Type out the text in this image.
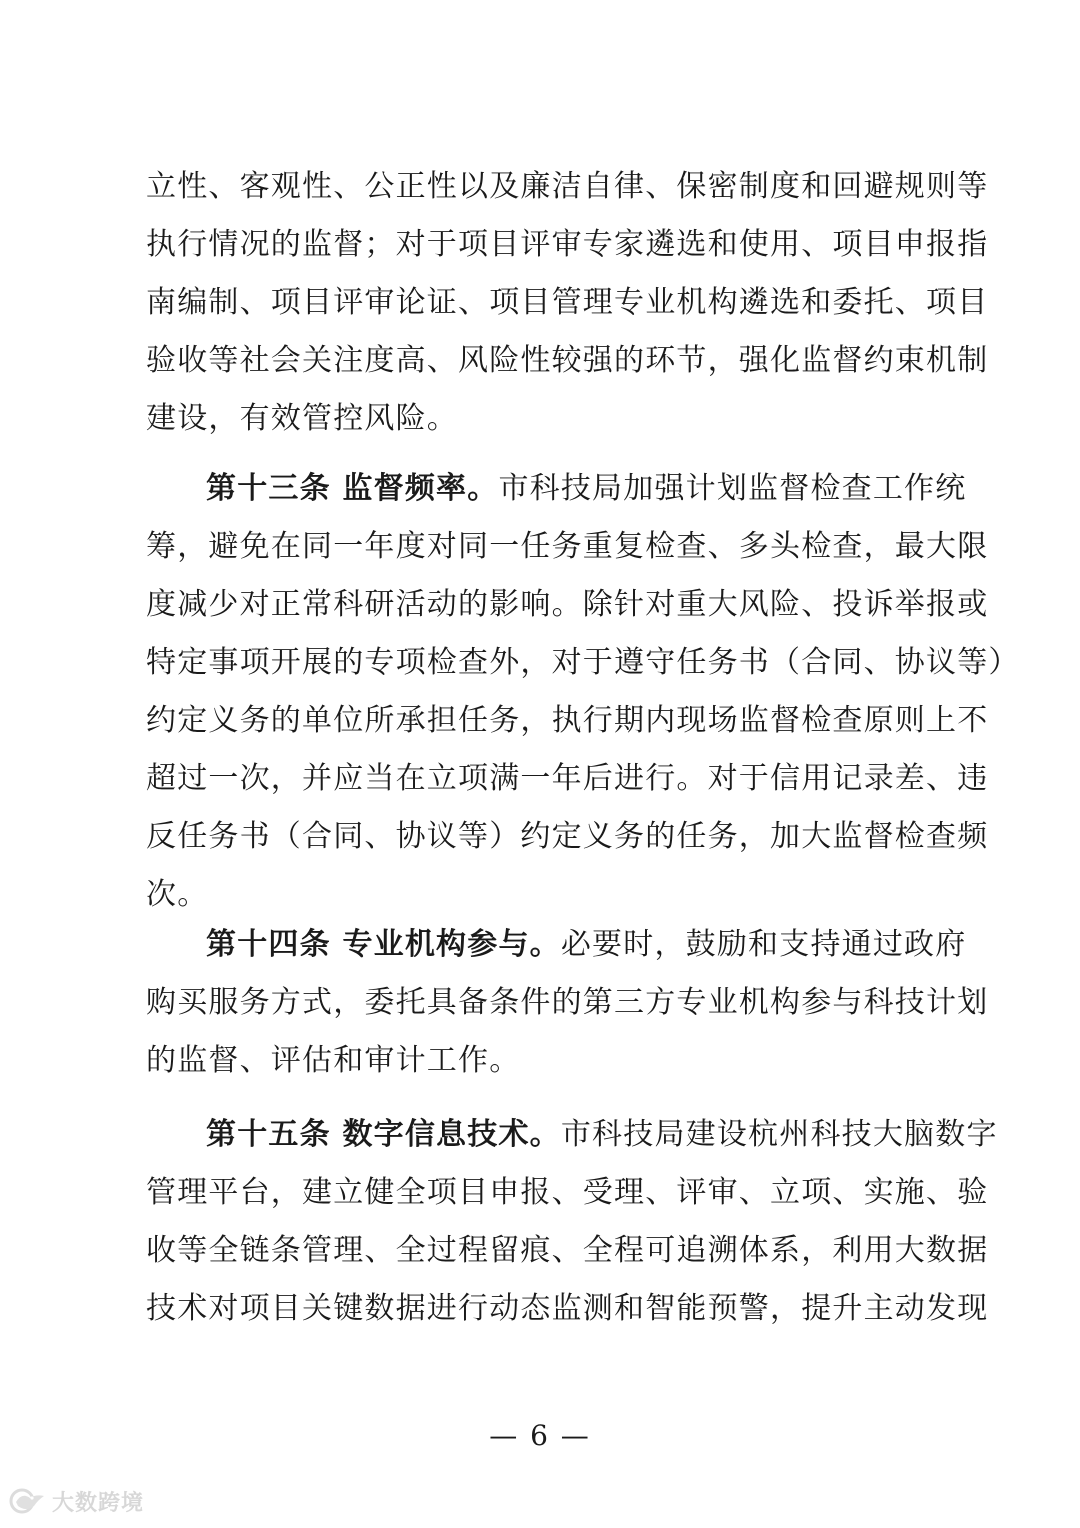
立性、客观性、公正性以及廉洁自律、保密制度和回避规则等
执行情况的监督；对于项目评审专家遴选和使用、项目申报指
南编制、项目评审论证、项目管理专业机构遴选和委托、项目
验收等社会关注度高、风险性较强的环节，强化监督约束机制
建设，有效管控风险。
第十三条 监督频率。市科技局加强计划监督检查工作统
筹，避免在同一年度对同一任务重复检查、多头检查，最大限
度减少对正常科研活动的影响。除针对重大风险、投诉举报或
特定事项开展的专项检查外，对于遵守任务书（合同、协议等）
约定义务的单位所承担任务，执行期内现场监督检查原则上不
超过一次，并应当在立项满一年后进行。对于信用记录差、违
反任务书（合同、协议等）约定义务的任务，加大监督检查频
次。
第十四条 专业机构参与。必要时，鼓励和支持通过政府
购买服务方式，委托具备条件的第三方专业机构参与科技计划
的监督、评估和审计工作。
第十五条 数字信息技术。市科技局建设杭州科技大脑数字
管理平台，建立健全项目申报、受理、评审、立项、实施、验
收等全链条管理、全过程留痕、全程可追溯体系，利用大数据
技术对项目关键数据进行动态监测和智能预警，提升主动发现
— 6 —
大数跨境
